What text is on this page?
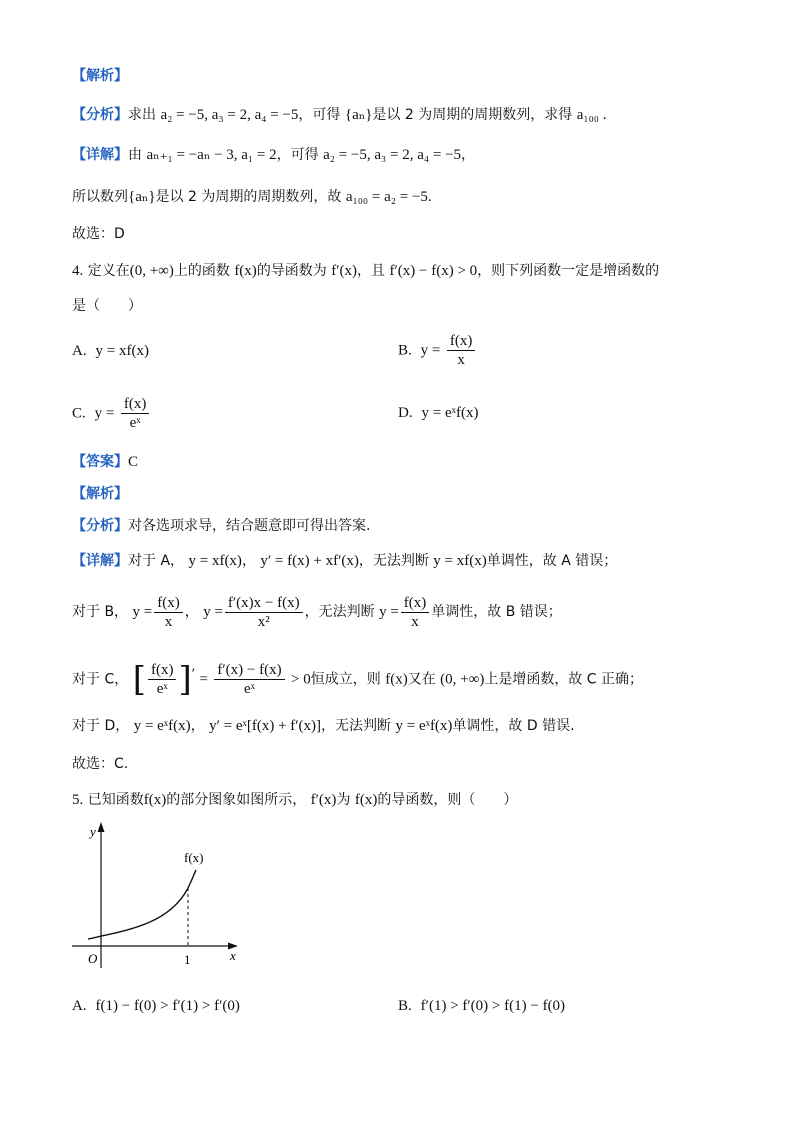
【解析】
【分析】求出 a₂ = −5, a₃ = 2, a₄ = −5，可得 {aₙ}是以 2 为周期的周期数列，求得 a₁₀₀ .
【详解】由 aₙ₊₁ = −aₙ − 3, a₁ = 2，可得 a₂ = −5, a₃ = 2, a₄ = −5，
所以数列{aₙ}是以 2 为周期的周期数列，故 a₁₀₀ = a₂ = −5.
故选：D
4. 定义在(0, +∞)上的函数 f(x)的导函数为 f′(x)，且 f′(x) − f(x) > 0，则下列函数一定是增函数的
是（　　）
A. y = xf(x)	B. $y = \frac{f(x)}{x}$
C. $y = \frac{f(x)}{\text{eˣ}}$	D. y = eˣf(x)
【答案】C
【解析】
【分析】对各选项求导，结合题意即可得出答案.
【详解】对于 A， y = xf(x)， y′ = f(x) + xf′(x)，无法判断 y = xf(x)单调性，故 A 错误；
对于 B， $y = \frac{f(x)}{x}$ ， $y = \frac{f'(x)x - f(x)}{\text{x²}}$ ，无法判断 $y = \frac{f(x)}{x}$ 单调性，故 B 错误；
对于 C， [ $\frac{f(x)}{\text{eˣ}} ]' = \frac{f'(x) - f(x)}{\text{eˣ}} > 0$恒成立，则 f(x)又在 (0, +∞)上是增函数，故 C 正确；
对于 D， y = eˣf(x)， y′ = eˣ[f(x) + f′(x)]，无法判断 y = eˣf(x)单调性，故 D 错误.
故选：C.
5. 已知函数f(x)的部分图象如图所示， f′(x)为 f(x)的导函数，则（　　）
y
x
O	1
f(x)
A. f(1) − f(0) > f′(1) > f′(0)	B. f′(1) > f′(0) > f(1) − f(0)
